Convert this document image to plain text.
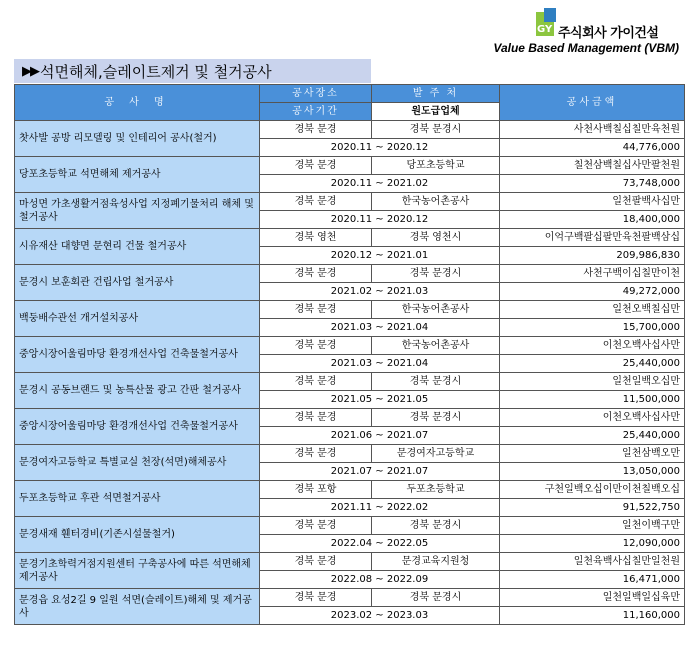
GY 주식회사 가이건설
Value Based Management (VBM)
▶▶ 석면해체,슬레이트제거 및 철거공사
공 사 명	공사장소	발 주 처	공사금액
	공사기간	원도급업체	
찻사발 공방 리모델링 및 인테리어 공사(철거)	경북 문경	경북 문경시	사천사백칠십칠만육천원
	2020.11 ~ 2020.12		44,776,000
당포초등학교 석면해체 제거공사	경북 문경	당포초등학교	칠천삼백칠십사만팔천원
	2020.11 ~ 2021.02		73,748,000
마성면 가초생활거점육성사업 지정폐기물처리 해체 및 철거공사	경북 문경	한국농어촌공사	일천팔백사십만
	2020.11 ~ 2020.12		18,400,000
시유재산 대향면 문현리 건물 철거공사	경북 영천	경북 영천시	이억구백팔십팔만육천팔백삼십
	2020.12 ~ 2021.01		209,986,830
문경시 보훈회관 건립사업 철거공사	경북 문경	경북 문경시	사천구백이십칠만이천
	2021.02 ~ 2021.03		49,272,000
백둥배수관선 개거설치공사	경북 문경	한국농어촌공사	일천오백칠십만
	2021.03 ~ 2021.04		15,700,000
중앙시장어울림마당 환경개선사업 건축물철거공사	경북 문경	한국농어촌공사	이천오백사십사만
	2021.03 ~ 2021.04		25,440,000
문경시 공동브랜드 및 농특산물 광고 간판 철거공사	경북 문경	경북 문경시	일천일백오십만
	2021.05 ~ 2021.05		11,500,000
중앙시장어울림마당 환경개선사업 건축물철거공사	경북 문경	경북 문경시	이천오백사십사만
	2021.06 ~ 2021.07		25,440,000
문경여자고등학교 특별교실 천장(석면)해체공사	경북 문경	문경여자고등학교	일천삼백오만
	2021.07 ~ 2021.07		13,050,000
두포초등학교 후관 석면철거공사	경북 포항	두포초등학교	구천일백오십이만이천칠백오십
	2021.11 ~ 2022.02		91,522,750
문경새재 휀터경비(기존시설물철거)	경북 문경	경북 문경시	일천이백구만
	2022.04 ~ 2022.05		12,090,000
문경기초학력거점지원센터 구축공사에 따른 석면해체제거공사	경북 문경	문경교육지원청	일천육백사십칠만일천원
	2022.08 ~ 2022.09		16,471,000
문경읍 요성2길 9 일원 석면(슬레이트)해체 및 제거공사	경북 문경	경북 문경시	일천일백일십육만
	2023.02 ~ 2023.03		11,160,000
